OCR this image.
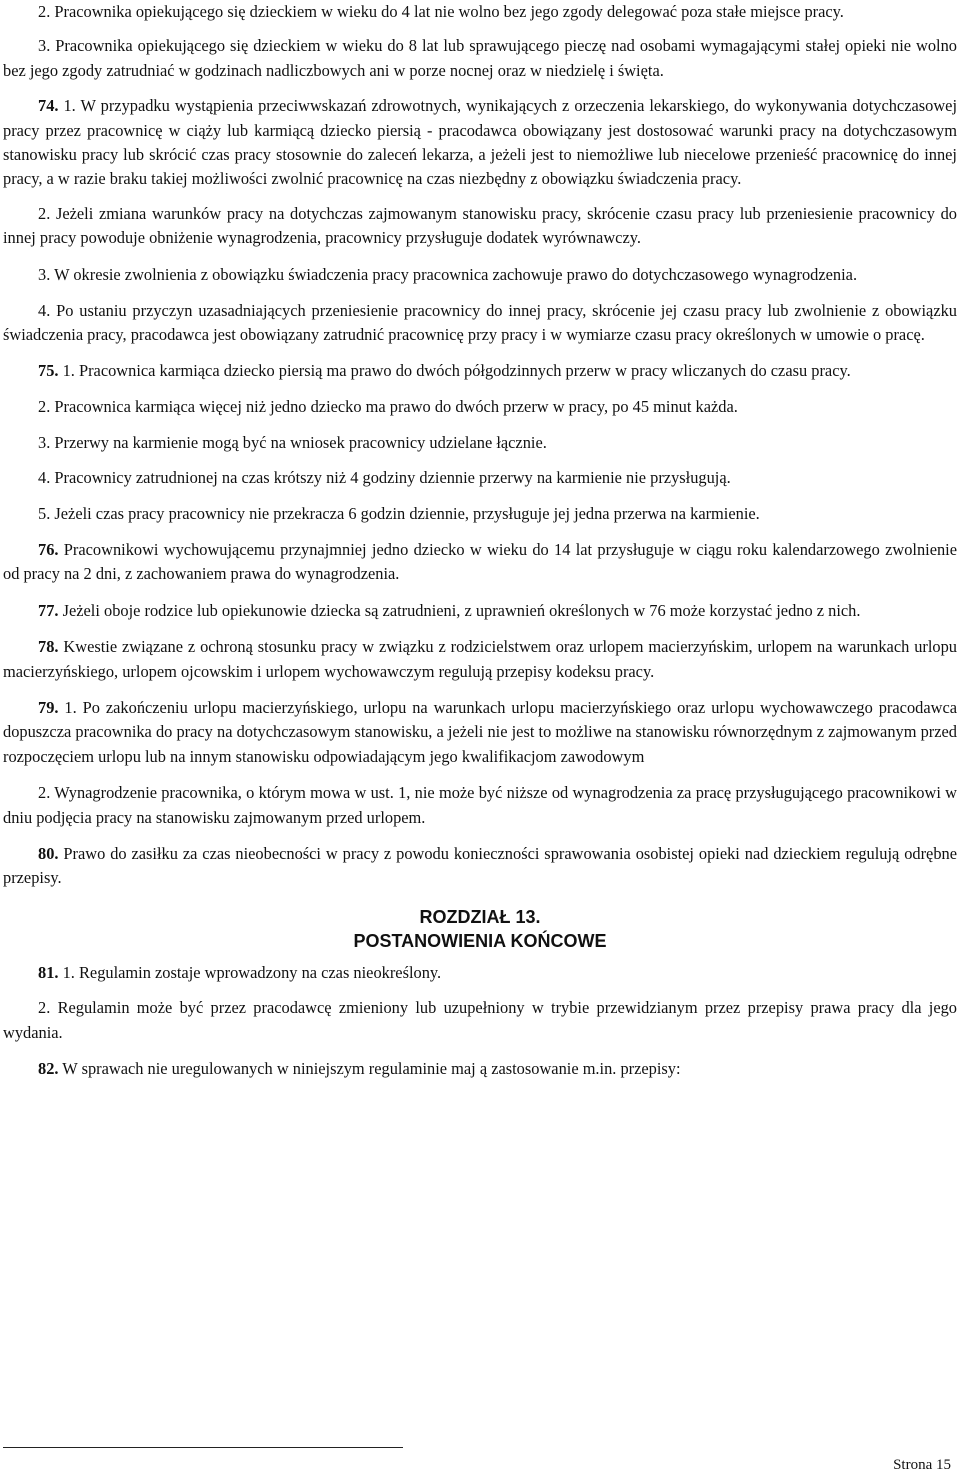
2. Pracownika opiekującego się dzieckiem w wieku do 4 lat nie wolno bez jego zgody delegować poza stałe miejsce pracy.

3. Pracownika opiekującego się dzieckiem w wieku do 8 lat lub sprawującego pieczę nad osobami wymagającymi stałej opieki nie wolno bez jego zgody zatrudniać w godzinach nadliczbowych ani w porze nocnej oraz w niedzielę i święta.

74. 1. W przypadku wystąpienia przeciwwskazań zdrowotnych, wynikających z orzeczenia lekarskiego, do wykonywania dotychczasowej pracy przez pracownicę w ciąży lub karmiącą dziecko piersią - pracodawca obowiązany jest dostosować warunki pracy na dotychczasowym stanowisku pracy lub skrócić czas pracy stosownie do zaleceń lekarza, a jeżeli jest to niemożliwe lub niecelowe przenieść pracownicę do innej pracy, a w razie braku takiej możliwości zwolnić pracownicę na czas niezbędny z obowiązku świadczenia pracy.

2. Jeżeli zmiana warunków pracy na dotychczas zajmowanym stanowisku pracy, skrócenie czasu pracy lub przeniesienie pracownicy do innej pracy powoduje obniżenie wynagrodzenia, pracownicy przysługuje dodatek wyrównawczy.

3. W okresie zwolnienia z obowiązku świadczenia pracy pracownica zachowuje prawo do dotychczasowego wynagrodzenia.

4. Po ustaniu przyczyn uzasadniających przeniesienie pracownicy do innej pracy, skrócenie jej czasu pracy lub zwolnienie z obowiązku świadczenia pracy, pracodawca jest obowiązany zatrudnić pracownicę przy pracy i w wymiarze czasu pracy określonych w umowie o pracę.

75. 1. Pracownica karmiąca dziecko piersią ma prawo do dwóch półgodzinnych przerw w pracy wliczanych do czasu pracy.

2. Pracownica karmiąca więcej niż jedno dziecko ma prawo do dwóch przerw w pracy, po 45 minut każda.

3. Przerwy na karmienie mogą być na wniosek pracownicy udzielane łącznie.

4. Pracownicy zatrudnionej na czas krótszy niż 4 godziny dziennie przerwy na karmienie nie przysługują.

5. Jeżeli czas pracy pracownicy nie przekracza 6 godzin dziennie, przysługuje jej jedna przerwa na karmienie.

76. Pracownikowi wychowującemu przynajmniej jedno dziecko w wieku do 14 lat przysługuje w ciągu roku kalendarzowego zwolnienie od pracy na 2 dni, z zachowaniem prawa do wynagrodzenia.

77. Jeżeli oboje rodzice lub opiekunowie dziecka są zatrudnieni, z uprawnień określonych w 76 może korzystać jedno z nich.

78. Kwestie związane z ochroną stosunku pracy w związku z rodzicielstwem oraz urlopem macierzyńskim, urlopem na warunkach urlopu macierzyńskiego, urlopem ojcowskim i urlopem wychowawczym regulują przepisy kodeksu pracy.

79. 1. Po zakończeniu urlopu macierzyńskiego, urlopu na warunkach urlopu macierzyńskiego oraz urlopu wychowawczego pracodawca dopuszcza pracownika do pracy na dotychczasowym stanowisku, a jeżeli nie jest to możliwe na stanowisku równorzędnym z zajmowanym przed rozpoczęciem urlopu lub na innym stanowisku odpowiadającym jego kwalifikacjom zawodowym

2. Wynagrodzenie pracownika, o którym mowa w ust. 1, nie może być niższe od wynagrodzenia za pracę przysługującego pracownikowi w dniu podjęcia pracy na stanowisku zajmowanym przed urlopem.

80. Prawo do zasiłku za czas nieobecności w pracy z powodu konieczności sprawowania osobistej opieki nad dzieckiem regulują odrębne przepisy.

ROZDZIAŁ 13.

POSTANOWIENIA KOŃCOWE

81. 1. Regulamin zostaje wprowadzony na czas nieokreślony.

2. Regulamin może być przez pracodawcę zmieniony lub uzupełniony w trybie przewidzianym przez przepisy prawa pracy dla jego wydania.

82. W sprawach nie uregulowanych w niniejszym regulaminie maj ą zastosowanie m.in. przepisy:

Strona 15
